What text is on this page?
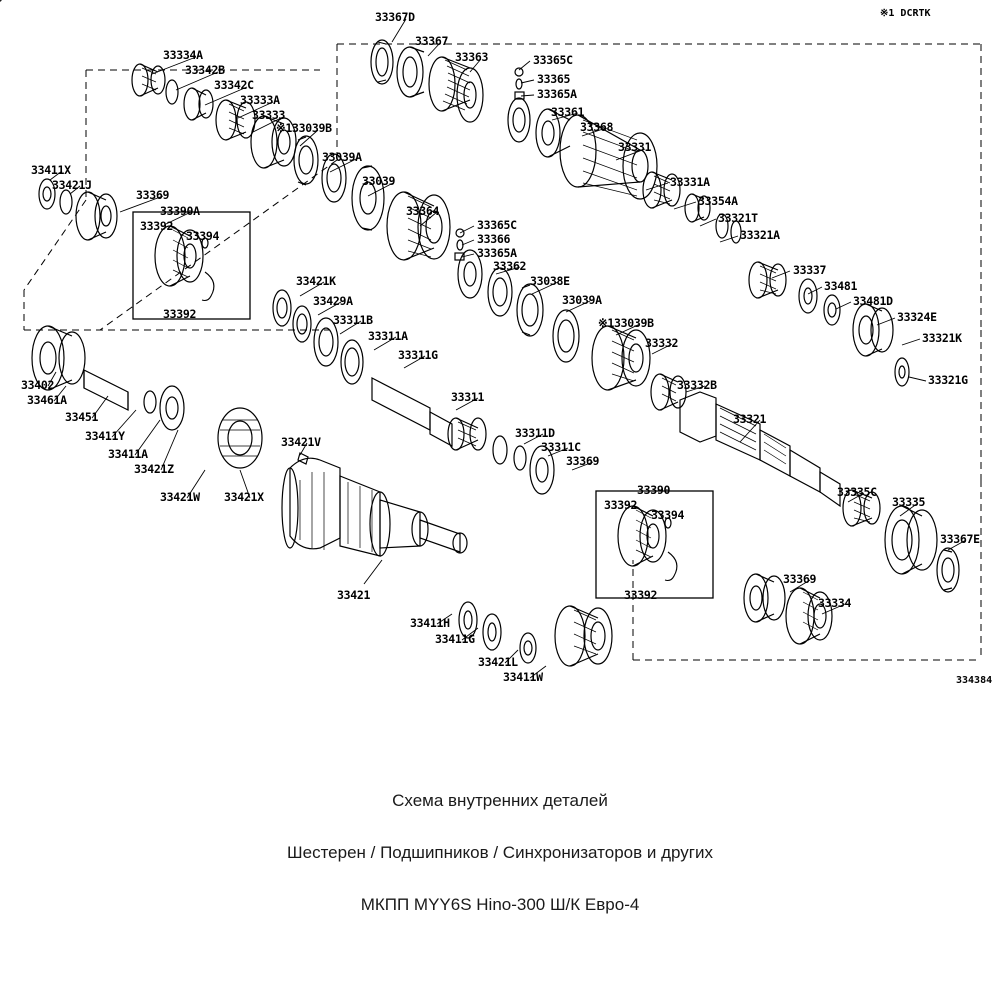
※1 DCRTK
334384
33334A
33342B
33342C
33333A
33333
※133039B
33039A
33039
33367D
33367
33363	33365C
33365
33365A
33361
33368
33331
33331A
33354A
33321T
33321A
33337
33481
33481D
33324E
33321K
33321G
33411X
33421J
33369
33390A
33392
33394
33392
33364
33365C
33366
33365A
33362
33038E
33039A
※133039B
33332
33332B
33421K
33429A
33311B
33311A
33311G
33311
33311D
33311C
33369
33321
33335C
33335
33367E
33390
33392
33394
33392
33369
33334
33402
33461A
33451
33411Y
33411A
33421Z
33421W 33421X
33421V
33421
33411H
33411G
33421L
33411W
Схема внутренних деталей
Шестерен / Подшипников / Синхронизаторов и других
МКПП MYY6S Hino-300 Ш/К Евро-4
